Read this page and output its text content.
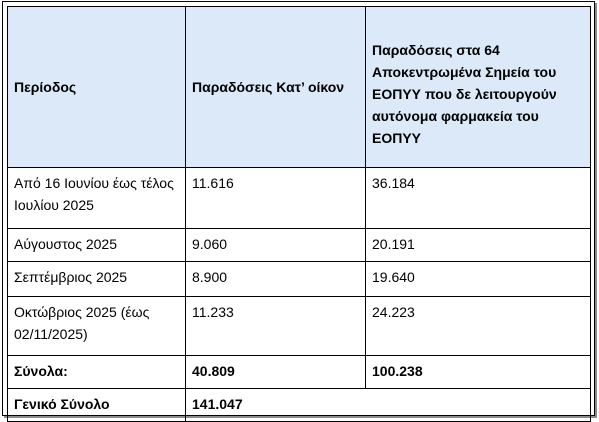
Περίοδος	Παραδόσεις Κατ’ οίκον	Παραδόσεις στα 64 Αποκεντρωμένα Σημεία του ΕΟΠΥΥ που δε λειτουργούν αυτόνομα φαρμακεία του ΕΟΠΥΥ
Από 16 Ιουνίου έως τέλος Ιουλίου 2025	11.616	36.184
Αύγουστος 2025	9.060	20.191
Σεπτέμβριος 2025	8.900	19.640
Οκτώβριος 2025 (έως 02/11/2025)	11.233	24.223
Σύνολα:	40.809	100.238
Γενικό Σύνολο	141.047	
